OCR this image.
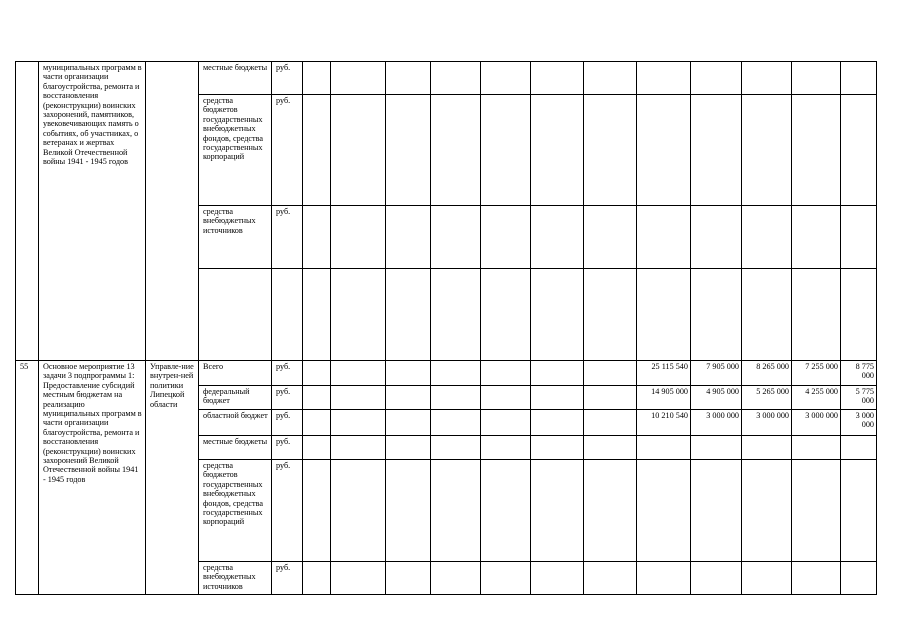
	муниципальных программ в части организации благоустройства, ремонта и восстановления (реконструкции) воинских захоронений, памятников, увековечивающих память о событиях, об участниках, о ветеранах и жертвах Великой Отечественной войны 1941 - 1945 годов		местные бюджеты	руб.												
			средства бюджетов государственных внебюджетных фондов, средства государственных корпораций	руб.												
			средства внебюджетных источников	руб.												

55	Основное мероприятие 13 задачи 3 подпрограммы 1: Предоставление субсидий местным бюджетам на реализацию муниципальных программ в части организации благоустройства, ремонта и восстановления (реконструкции) воинских захоронений Великой Отечественной войны 1941 - 1945 годов	Управле-ние внутрен-ней политики Липецкой области	Всего	руб.								25 115 540	7 905 000	8 265 000	7 255 000	8 775 000
			федеральный бюджет	руб.								14 905 000	4 905 000	5 265 000	4 255 000	5 775 000
			областной бюджет	руб.								10 210 540	3 000 000	3 000 000	3 000 000	3 000 000
			местные бюджеты	руб.												
			средства бюджетов государственных внебюджетных фондов, средства государственных корпораций	руб.												
			средства внебюджетных источников	руб.												
